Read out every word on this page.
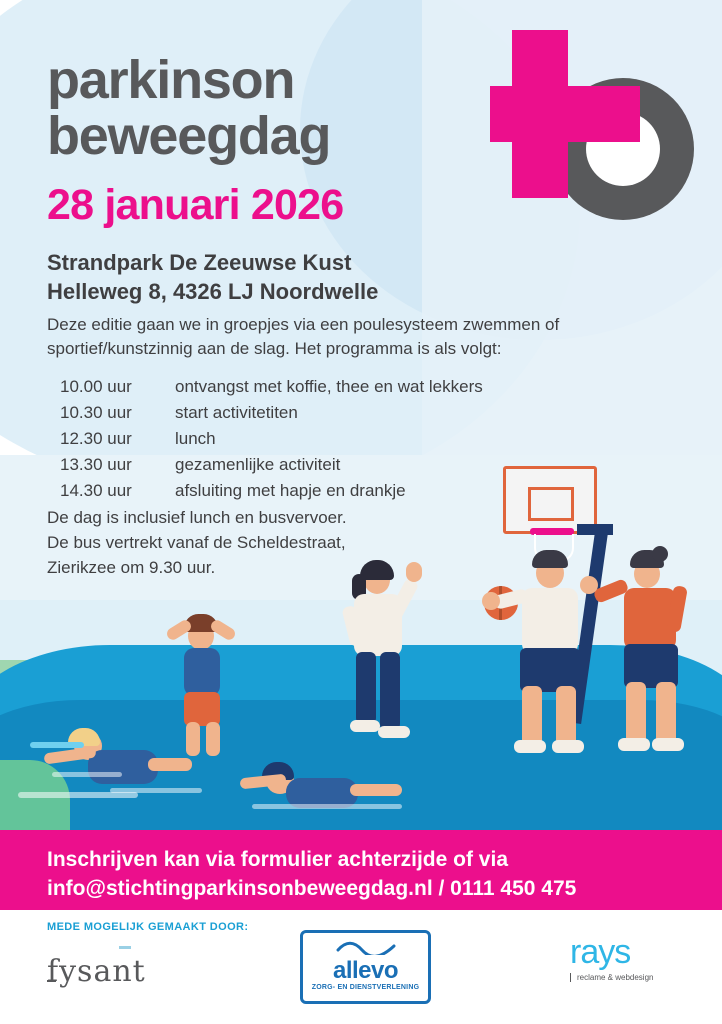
parkinson
beweegdag
28 januari 2026
Strandpark De Zeeuwse Kust
Helleweg 8, 4326 LJ Noordwelle
Deze editie gaan we in groepjes via een poulesysteem zwemmen of
sportief/kunstzinnig aan de slag. Het programma is als volgt:
10.00 uur	ontvangst met koffie, thee en wat lekkers
10.30 uur	start activitetiten
12.30 uur	lunch
13.30 uur	gezamenlijke activiteit
14.30 uur	afsluiting met hapje en drankje
De dag is inclusief lunch en busvervoer.
De bus vertrekt vanaf de Scheldestraat,
Zierikzee om 9.30 uur.
Inschrijven kan via formulier achterzijde of via
info@stichtingparkinsonbeweegdag.nl / 0111 450 475
MEDE MOGELIJK GEMAAKT DOOR:
fysant	allevo
ZORG- EN DIENSTVERLENING
rays
reclame & webdesign
